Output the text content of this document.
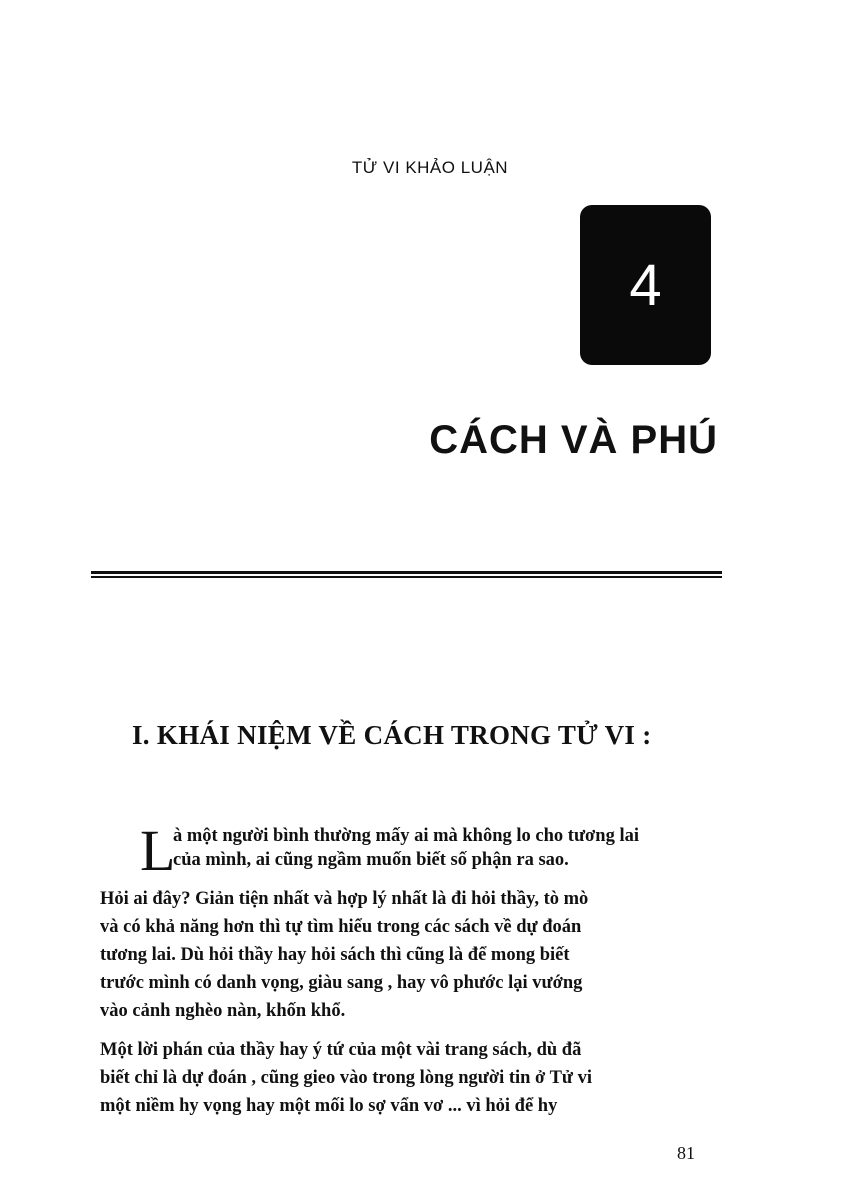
TỬ VI KHẢO LUẬN
4
CÁCH VÀ PHÚ
I. KHÁI NIỆM VỀ CÁCH TRONG TỬ VI :
L
à một người bình thường mấy ai mà không lo cho tương lai
của mình, ai cũng ngầm muốn biết số phận ra sao.
Hỏi ai đây? Giản tiện nhất và hợp lý nhất là đi hỏi thầy, tò mò
và có khả năng hơn thì tự tìm hiểu trong các sách về dự đoán
tương lai. Dù hỏi thầy hay hỏi sách thì cũng là để mong biết
trước mình có danh vọng, giàu sang , hay vô phước lại vướng
vào cảnh nghèo nàn, khốn khổ.
Một lời phán của thầy hay ý tứ của một vài trang sách, dù đã
biết chỉ là dự đoán , cũng gieo vào trong lòng người tin ở Tử vi
một niềm hy vọng hay một mối lo sợ vẩn vơ ... vì hỏi để hy
81
